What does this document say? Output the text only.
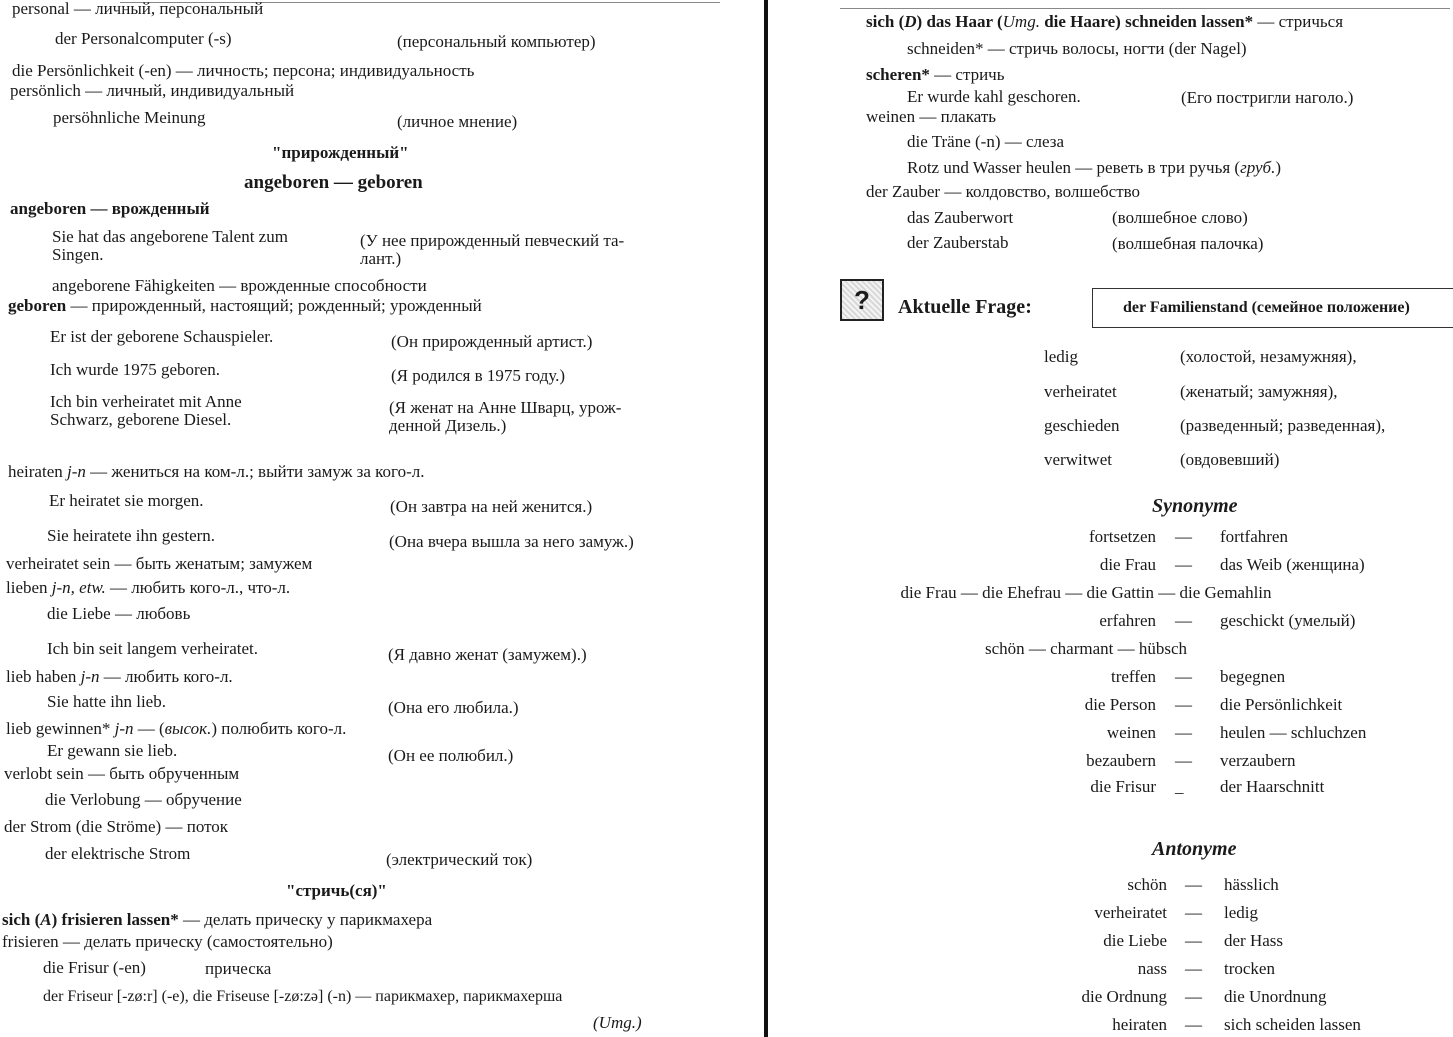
personal — личный, персональный
der Personalcomputer (-s)	(персональный компьютер)
die Persönlichkeit (-en) — личность; персона; индивидуальность
persönlich — личный, индивидуальный
persöhnliche Meinung	(личное мнение)
"прирожденный"
angeboren — geboren
angeboren — врожденный
Sie hat das angeborene Talent zum
Singen.
(У нее прирожденный певческий та-
лант.)
angeborene Fähigkeiten — врожденные способности
geboren — прирожденный, настоящий; рожденный; урожденный
Er ist der geborene Schauspieler.	(Он прирожденный артист.)
Ich wurde 1975 geboren.	(Я родился в 1975 году.)
Ich bin verheiratet mit Anne
Schwarz, geborene Diesel.
(Я женат на Анне Шварц, урож-
денной Дизель.)
heiraten j-n — жениться на ком-л.; выйти замуж за кого-л.
Er heiratet sie morgen.	(Он завтра на ней женится.)
Sie heiratete ihn gestern.	(Она вчера вышла за него замуж.)
verheiratet sein — быть женатым; замужем
lieben j-n, etw. — любить кого-л., что-л.
die Liebe — любовь
Ich bin seit langem verheiratet.	(Я давно женат (замужем).)
lieb haben j-n — любить кого-л.
Sie hatte ihn lieb.	(Она его любила.)
lieb gewinnen* j-n — (высок.) полюбить кого-л.
Er gewann sie lieb.	(Он ее полюбил.)
verlobt sein — быть обрученным
die Verlobung — обручение
der Strom (die Ströme) — поток
der elektrische Strom	(электрический ток)
"стричь(ся)"
sich (A) frisieren lassen* — делать прическу у парикмахера
frisieren — делать прическу (самостоятельно)
die Frisur (-en)	прическа
der Friseur [-zø:r] (-e), die Friseuse [-zø:zə] (-n) — парикмахер, парикмахерша
(Umg.)
sich (D) das Haar (Umg. die Haare) schneiden lassen* — стричься
schneiden* — стричь волосы, ногти (der Nagel)
scheren* — стричь
Er wurde kahl geschoren.	(Его постригли наголо.)
weinen — плакать
die Träne (-n) — слеза
Rotz und Wasser heulen — реветь в три ручья (груб.)
der Zauber — колдовство, волшебство
das Zauberwort	(волшебное слово)
der Zauberstab	(волшебная палочка)
?	Aktuelle Frage:	der Familienstand (семейное положение)
ledig	(холостой, незамужняя),
verheiratet	(женатый; замужняя),
geschieden	(разведенный; разведенная),
verwitwet	(овдовевший)
Synonyme
fortsetzen — fortfahren
die Frau — das Weib (женщина)
die Frau — die Ehefrau — die Gattin — die Gemahlin
erfahren — geschickt (умелый)
schön — charmant — hübsch
treffen — begegnen
die Person — die Persönlichkeit
weinen — heulen — schluchzen
bezaubern — verzaubern
die Frisur _ der Haarschnitt
Antonyme
schön — hässlich
verheiratet — ledig
die Liebe — der Hass
nass — trocken
die Ordnung — die Unordnung
heiraten — sich scheiden lassen
